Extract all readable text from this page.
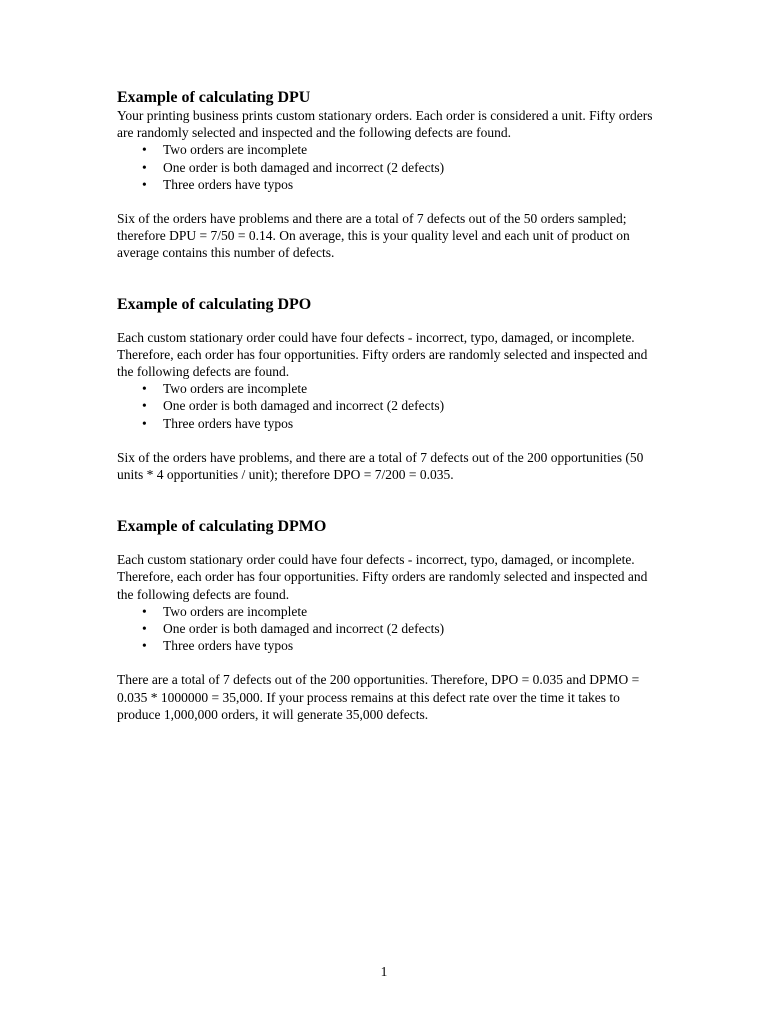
Example of calculating DPU

Your printing business prints custom stationary orders. Each order is considered a unit. Fifty orders are randomly selected and inspected and the following defects are found.

• Two orders are incomplete
• One order is both damaged and incorrect (2 defects)
• Three orders have typos

Six of the orders have problems and there are a total of 7 defects out of the 50 orders sampled; therefore DPU = 7/50 = 0.14. On average, this is your quality level and each unit of product on average contains this number of defects.

Example of calculating DPO

Each custom stationary order could have four defects - incorrect, typo, damaged, or incomplete. Therefore, each order has four opportunities. Fifty orders are randomly selected and inspected and the following defects are found.

• Two orders are incomplete
• One order is both damaged and incorrect (2 defects)
• Three orders have typos

Six of the orders have problems, and there are a total of 7 defects out of the 200 opportunities (50 units * 4 opportunities / unit); therefore DPO = 7/200 = 0.035.

Example of calculating DPMO

Each custom stationary order could have four defects - incorrect, typo, damaged, or incomplete. Therefore, each order has four opportunities. Fifty orders are randomly selected and inspected and the following defects are found.

• Two orders are incomplete
• One order is both damaged and incorrect (2 defects)
• Three orders have typos

There are a total of 7 defects out of the 200 opportunities. Therefore, DPO = 0.035 and DPMO = 0.035 * 1000000 = 35,000. If your process remains at this defect rate over the time it takes to produce 1,000,000 orders, it will generate 35,000 defects.

1
